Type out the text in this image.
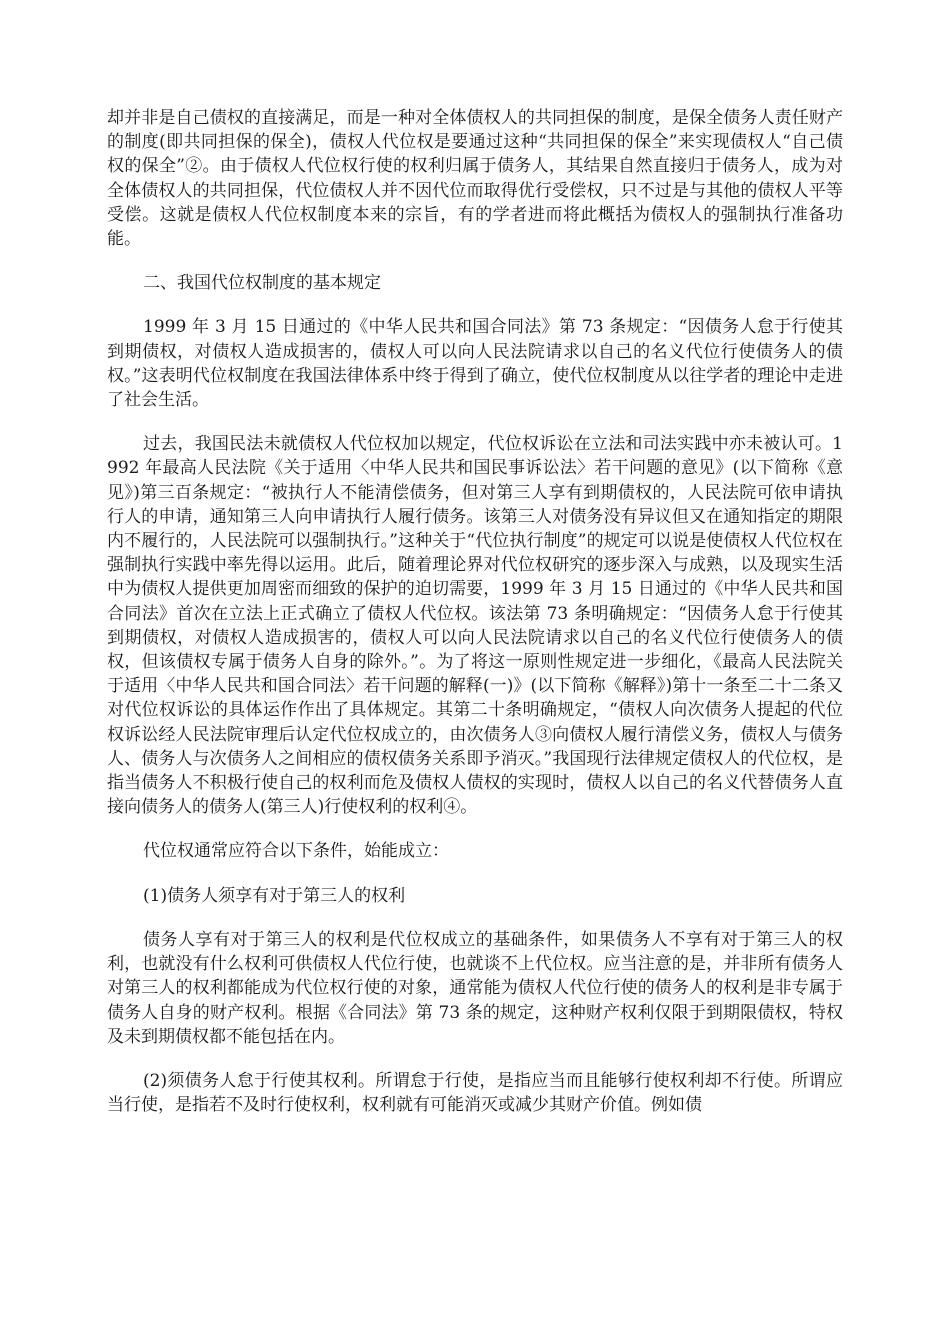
却并非是自己债权的直接满足，而是一种对全体债权人的共同担保的制度，是保全债务人责任财产的制度(即共同担保的保全)，债权人代位权是要通过这种“共同担保的保全”来实现债权人“自己债权的保全”②。由于债权人代位权行使的权利归属于债务人，其结果自然直接归于债务人，成为对全体债权人的共同担保，代位债权人并不因代位而取得优行受偿权，只不过是与其他的债权人平等受偿。这就是债权人代位权制度本来的宗旨，有的学者进而将此概括为债权人的强制执行准备功能。

二、我国代位权制度的基本规定

1999 年 3 月 15 日通过的《中华人民共和国合同法》第 73 条规定：“因债务人怠于行使其到期债权，对债权人造成损害的，债权人可以向人民法院请求以自己的名义代位行使债务人的债权。”这表明代位权制度在我国法律体系中终于得到了确立，使代位权制度从以往学者的理论中走进了社会生活。

过去，我国民法未就债权人代位权加以规定，代位权诉讼在立法和司法实践中亦未被认可。1992 年最高人民法院《关于适用〈中华人民共和国民事诉讼法〉若干问题的意见》(以下简称《意见》)第三百条规定：“被执行人不能清偿债务，但对第三人享有到期债权的，人民法院可依申请执行人的申请，通知第三人向申请执行人履行债务。该第三人对债务没有异议但又在通知指定的期限内不履行的，人民法院可以强制执行。”这种关于“代位执行制度”的规定可以说是使债权人代位权在强制执行实践中率先得以运用。此后，随着理论界对代位权研究的逐步深入与成熟，以及现实生活中为债权人提供更加周密而细致的保护的迫切需要，1999 年 3 月 15 日通过的《中华人民共和国合同法》首次在立法上正式确立了债权人代位权。该法第 73 条明确规定：“因债务人怠于行使其到期债权，对债权人造成损害的，债权人可以向人民法院请求以自己的名义代位行使债务人的债权，但该债权专属于债务人自身的除外。”。为了将这一原则性规定进一步细化，《最高人民法院关于适用〈中华人民共和国合同法〉若干问题的解释(一)》(以下简称《解释》)第十一条至二十二条又对代位权诉讼的具体运作作出了具体规定。其第二十条明确规定，“债权人向次债务人提起的代位权诉讼经人民法院审理后认定代位权成立的，由次债务人③向债权人履行清偿义务，债权人与债务人、债务人与次债务人之间相应的债权债务关系即予消灭。”我国现行法律规定债权人的代位权，是指当债务人不积极行使自己的权利而危及债权人债权的实现时，债权人以自己的名义代替债务人直接向债务人的债务人(第三人)行使权利的权利④。

代位权通常应符合以下条件，始能成立：

(1)债务人须享有对于第三人的权利

债务人享有对于第三人的权利是代位权成立的基础条件，如果债务人不享有对于第三人的权利，也就没有什么权利可供债权人代位行使，也就谈不上代位权。应当注意的是，并非所有债务人对第三人的权利都能成为代位权行使的对象，通常能为债权人代位行使的债务人的权利是非专属于债务人自身的财产权利。根据《合同法》第 73 条的规定，这种财产权利仅限于到期限债权，特权及未到期债权都不能包括在内。

(2)须债务人怠于行使其权利。所谓怠于行使，是指应当而且能够行使权利却不行使。所谓应当行使，是指若不及时行使权利，权利就有可能消灭或减少其财产价值。例如债
